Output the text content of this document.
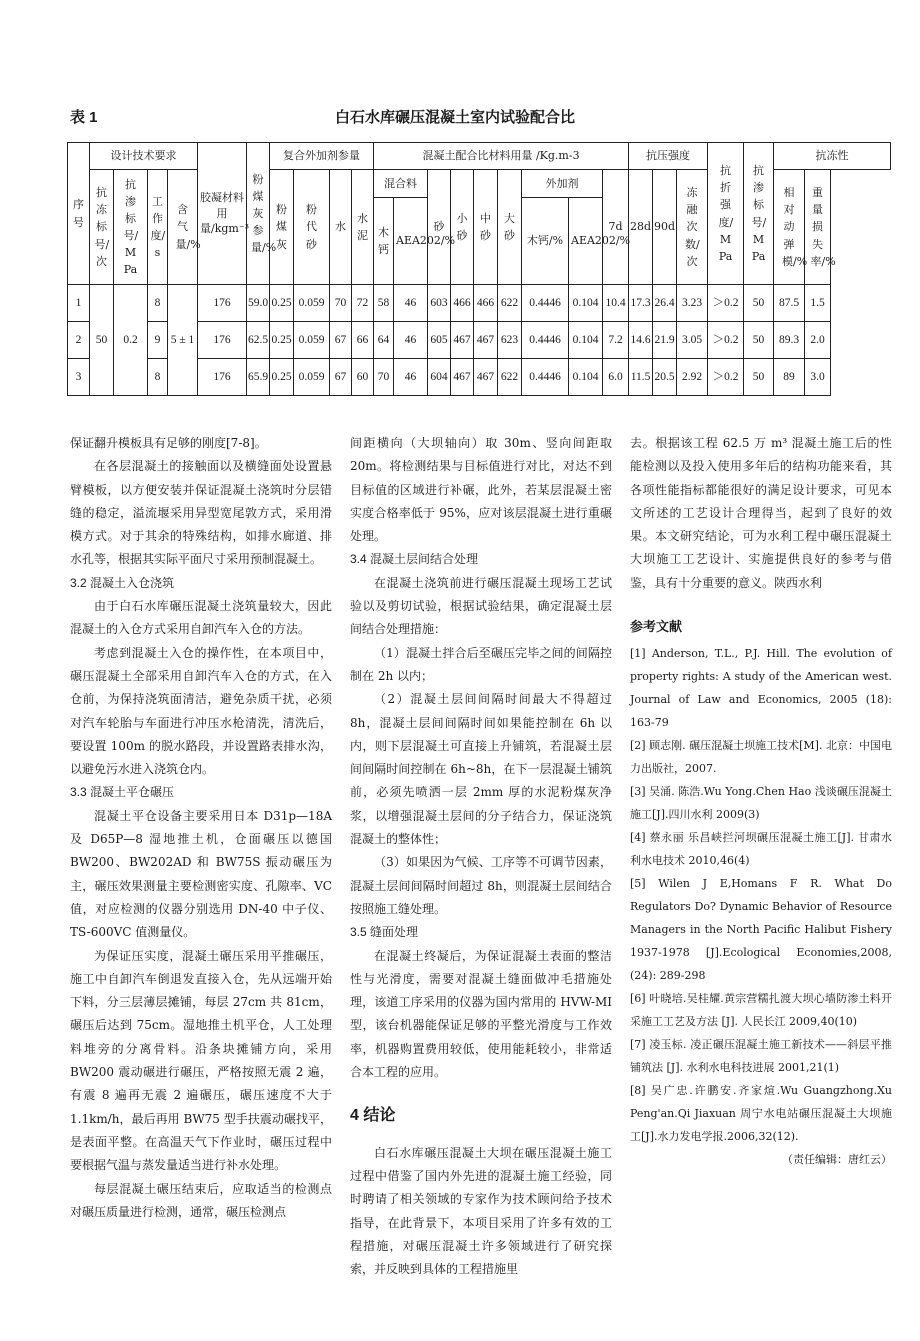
表 1	白石水库碾压混凝土室内试验配合比
序号	设计技术要求				胶凝材料用量/kgm⁻³	粉煤灰参量/%	复合外加剂参量				混凝土配合比材料用量 /Kg.m-3									抗压强度			抗折强度/MPa	抗渗标号/MPa	抗冻性	
	抗冻标号/次	抗渗标号/MPa	工作度/s	含气量/%			粉煤灰	粉代砂	水	水泥	混合料		砂	小砂	中砂	大砂	外加剂		7d	28d	90d	冻融次数/次			相对动弹模/%	重量损失率/%
											木钙	AEA202/%					木钙/%	AEA202/%								
1	50	0.2	8	5 ± 1	176	59.0	0.25	0.059	70	72	58	46	603	466	466	622	0.4446	0.104	10.4	17.3	26.4	3.23	＞0.2	50	87.5	1.5
2			9		176	62.5	0.25	0.059	67	66	64	46	605	467	467	623	0.4446	0.104	7.2	14.6	21.9	3.05	＞0.2	50	89.3	2.0
3			8		176	65.9	0.25	0.059	67	60	70	46	604	467	467	622	0.4446	0.104	6.0	11.5	20.5	2.92	＞0.2	50	89	3.0

保证翻升模板具有足够的刚度[7-8]。

在各层混凝土的接触面以及横缝面处设置悬臂模板，以方便安装并保证混凝土浇筑时分层错缝的稳定，溢流堰采用异型宽尾敦方式，采用滑模方式。对于其余的特殊结构，如排水廊道、排水孔等，根据其实际平面尺寸采用预制混凝土。

3.2 混凝土入仓浇筑

由于白石水库碾压混凝土浇筑量较大，因此混凝土的入仓方式采用自卸汽车入仓的方法。

考虑到混凝土入仓的操作性，在本项目中，碾压混凝土全部采用自卸汽车入仓的方式，在入仓前，为保持浇筑面清洁，避免杂质干扰，必须对汽车轮胎与车面进行冲压水枪清洗，清洗后，要设置 100m 的脱水路段，并设置路表排水沟，以避免污水进入浇筑仓内。

3.3 混凝土平仓碾压

混凝土平仓设备主要采用日本 D31p—18A 及 D65P—8 湿地推土机，仓面碾压以德国 BW200、BW202AD 和 BW75S 振动碾压为主，碾压效果测量主要检测密实度、孔隙率、VC 值，对应检测的仪器分别选用 DN-40 中子仪、TS-600VC 值测量仪。

为保证压实度，混凝土碾压采用平推碾压，施工中自卸汽车倒退发直接入仓，先从远端开始下料，分三层薄层摊铺，每层 27cm 共 81cm，碾压后达到 75cm。湿地推土机平仓，人工处理料堆旁的分离骨料。沿条块摊铺方向，采用 BW200 震动碾进行碾压，严格按照无震 2 遍，有震 8 遍再无震 2 遍碾压，碾压速度不大于 1.1km/h，最后再用 BW75 型手扶震动碾找平，是表面平整。在高温天气下作业时，碾压过程中要根据气温与蒸发量适当进行补水处理。

每层混凝土碾压结束后，应取适当的检测点对碾压质量进行检测，通常，碾压检测点

间距横向（大坝轴向）取 30m、竖向间距取 20m。将检测结果与目标值进行对比，对达不到目标值的区域进行补碾，此外，若某层混凝土密实度合格率低于 95%，应对该层混凝土进行重碾处理。

3.4 混凝土层间结合处理

在混凝土浇筑前进行碾压混凝土现场工艺试验以及剪切试验，根据试验结果，确定混凝土层间结合处理措施：

（1）混凝土拌合后至碾压完毕之间的间隔控制在 2h 以内；

（2）混凝土层间间隔时间最大不得超过 8h，混凝土层间间隔时间如果能控制在 6h 以内，则下层混凝土可直接上升铺筑，若混凝土层间间隔时间控制在 6h~8h，在下一层混凝土铺筑前，必须先喷洒一层 2mm 厚的水泥粉煤灰净浆，以增强混凝土层间的分子结合力，保证浇筑混凝土的整体性；

（3）如果因为气候、工序等不可调节因素，混凝土层间间隔时间超过 8h，则混凝土层间结合按照施工缝处理。

3.5 缝面处理

在混凝土终凝后，为保证混凝土表面的整洁性与光滑度，需要对混凝土缝面做冲毛措施处理，该道工序采用的仪器为国内常用的 HVW-MI 型，该台机器能保证足够的平整光滑度与工作效率，机器购置费用较低，使用能耗较小，非常适合本工程的应用。

4 结论

白石水库碾压混凝土大坝在碾压混凝土施工过程中借鉴了国内外先进的混凝土施工经验，同时聘请了相关领域的专家作为技术顾问给予技术指导，在此背景下，本项目采用了许多有效的工程措施，对碾压混凝土许多领域进行了研究探索，并反映到具体的工程措施里

去。根据该工程 62.5 万 m³ 混凝土施工后的性能检测以及投入使用多年后的结构功能来看，其各项性能指标都能很好的满足设计要求，可见本文所述的工艺设计合理得当，起到了良好的效果。本文研究结论，可为水利工程中碾压混凝土大坝施工工艺设计、实施提供良好的参考与借鉴，具有十分重要的意义。陕西水利

参考文献

[1] Anderson, T.L., P.J. Hill. The evolution of property rights: A study of the American west. Journal of Law and Economics, 2005 (18): 163-79

[2] 顾志刚. 碾压混凝土坝施工技术[M]. 北京：中国电力出版社，2007.

[3] 吴涌. 陈浩.Wu Yong.Chen Hao 浅谈碾压混凝土施工[J].四川水利 2009(3)

[4] 蔡永丽 乐昌峡拦河坝碾压混凝土施工[J]. 甘肃水利水电技术 2010,46(4)

[5] Wilen J E,Homans F R. What Do Regulators Do? Dynamic Behavior of Resource Managers in the North Pacific Halibut Fishery 1937-1978 [J].Ecological Economies,2008, (24): 289-298

[6] 叶晓培.吴桂耀.黄宗营糯扎渡大坝心墙防渗土料开采施工工艺及方法 [J]. 人民长江 2009,40(10)

[7] 凌玉标. 凌正碾压混凝土施工新技术——斜层平推铺筑法 [J]. 水利水电科技进展 2001,21(1)

[8] 吴广忠.许鹏安.齐家煊.Wu Guangzhong.Xu Peng'an.Qi Jiaxuan 周宁水电站碾压混凝土大坝施工[J].水力发电学报.2006,32(12).

（责任编辑：唐红云）
